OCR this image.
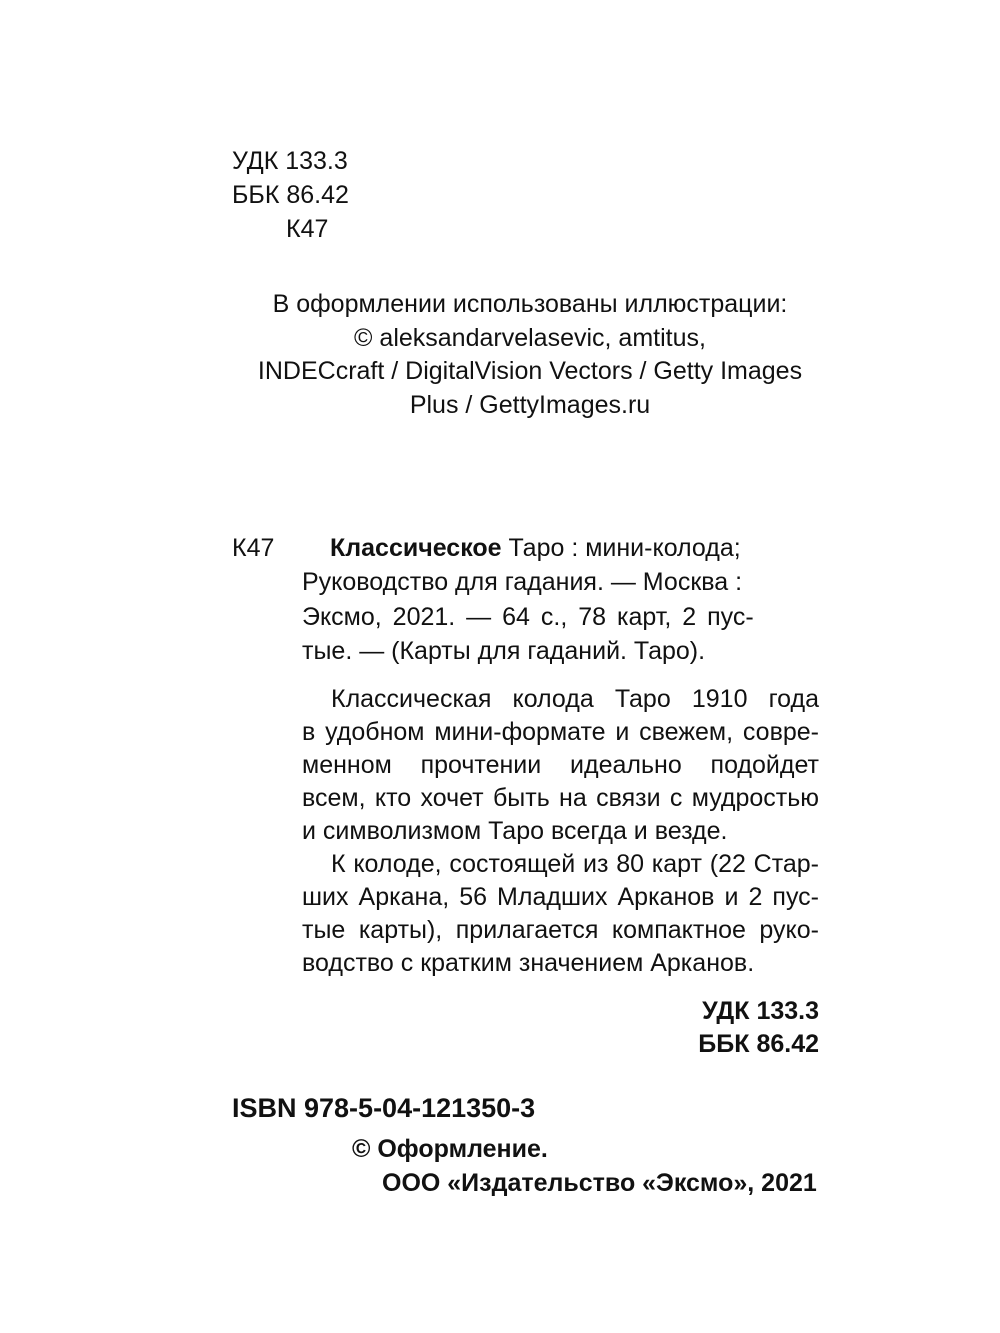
УДК 133.3
ББК 86.42
К47
В оформлении использованы иллюстрации:
© aleksandarvelasevic, amtitus,
INDECcraft / DigitalVision Vectors / Getty Images
Plus / GettyImages.ru
К47 Классическое Таро : мини-колода;
Руководство для гадания. — Москва :
Эксмо, 2021. — 64 с., 78 карт, 2 пус-
тые. — (Карты для гаданий. Таро).
Классическая колода Таро 1910 года
в удобном мини-формате и свежем, совре-
менном прочтении идеально подойдет
всем, кто хочет быть на связи с мудростью
и символизмом Таро всегда и везде.
К колоде, состоящей из 80 карт (22 Стар-
ших Аркана, 56 Младших Арканов и 2 пус-
тые карты), прилагается компактное руко-
водство с кратким значением Арканов.
УДК 133.3
ББК 86.42
ISBN 978-5-04-121350-3
© Оформление.
ООО «Издательство «Эксмо», 2021
